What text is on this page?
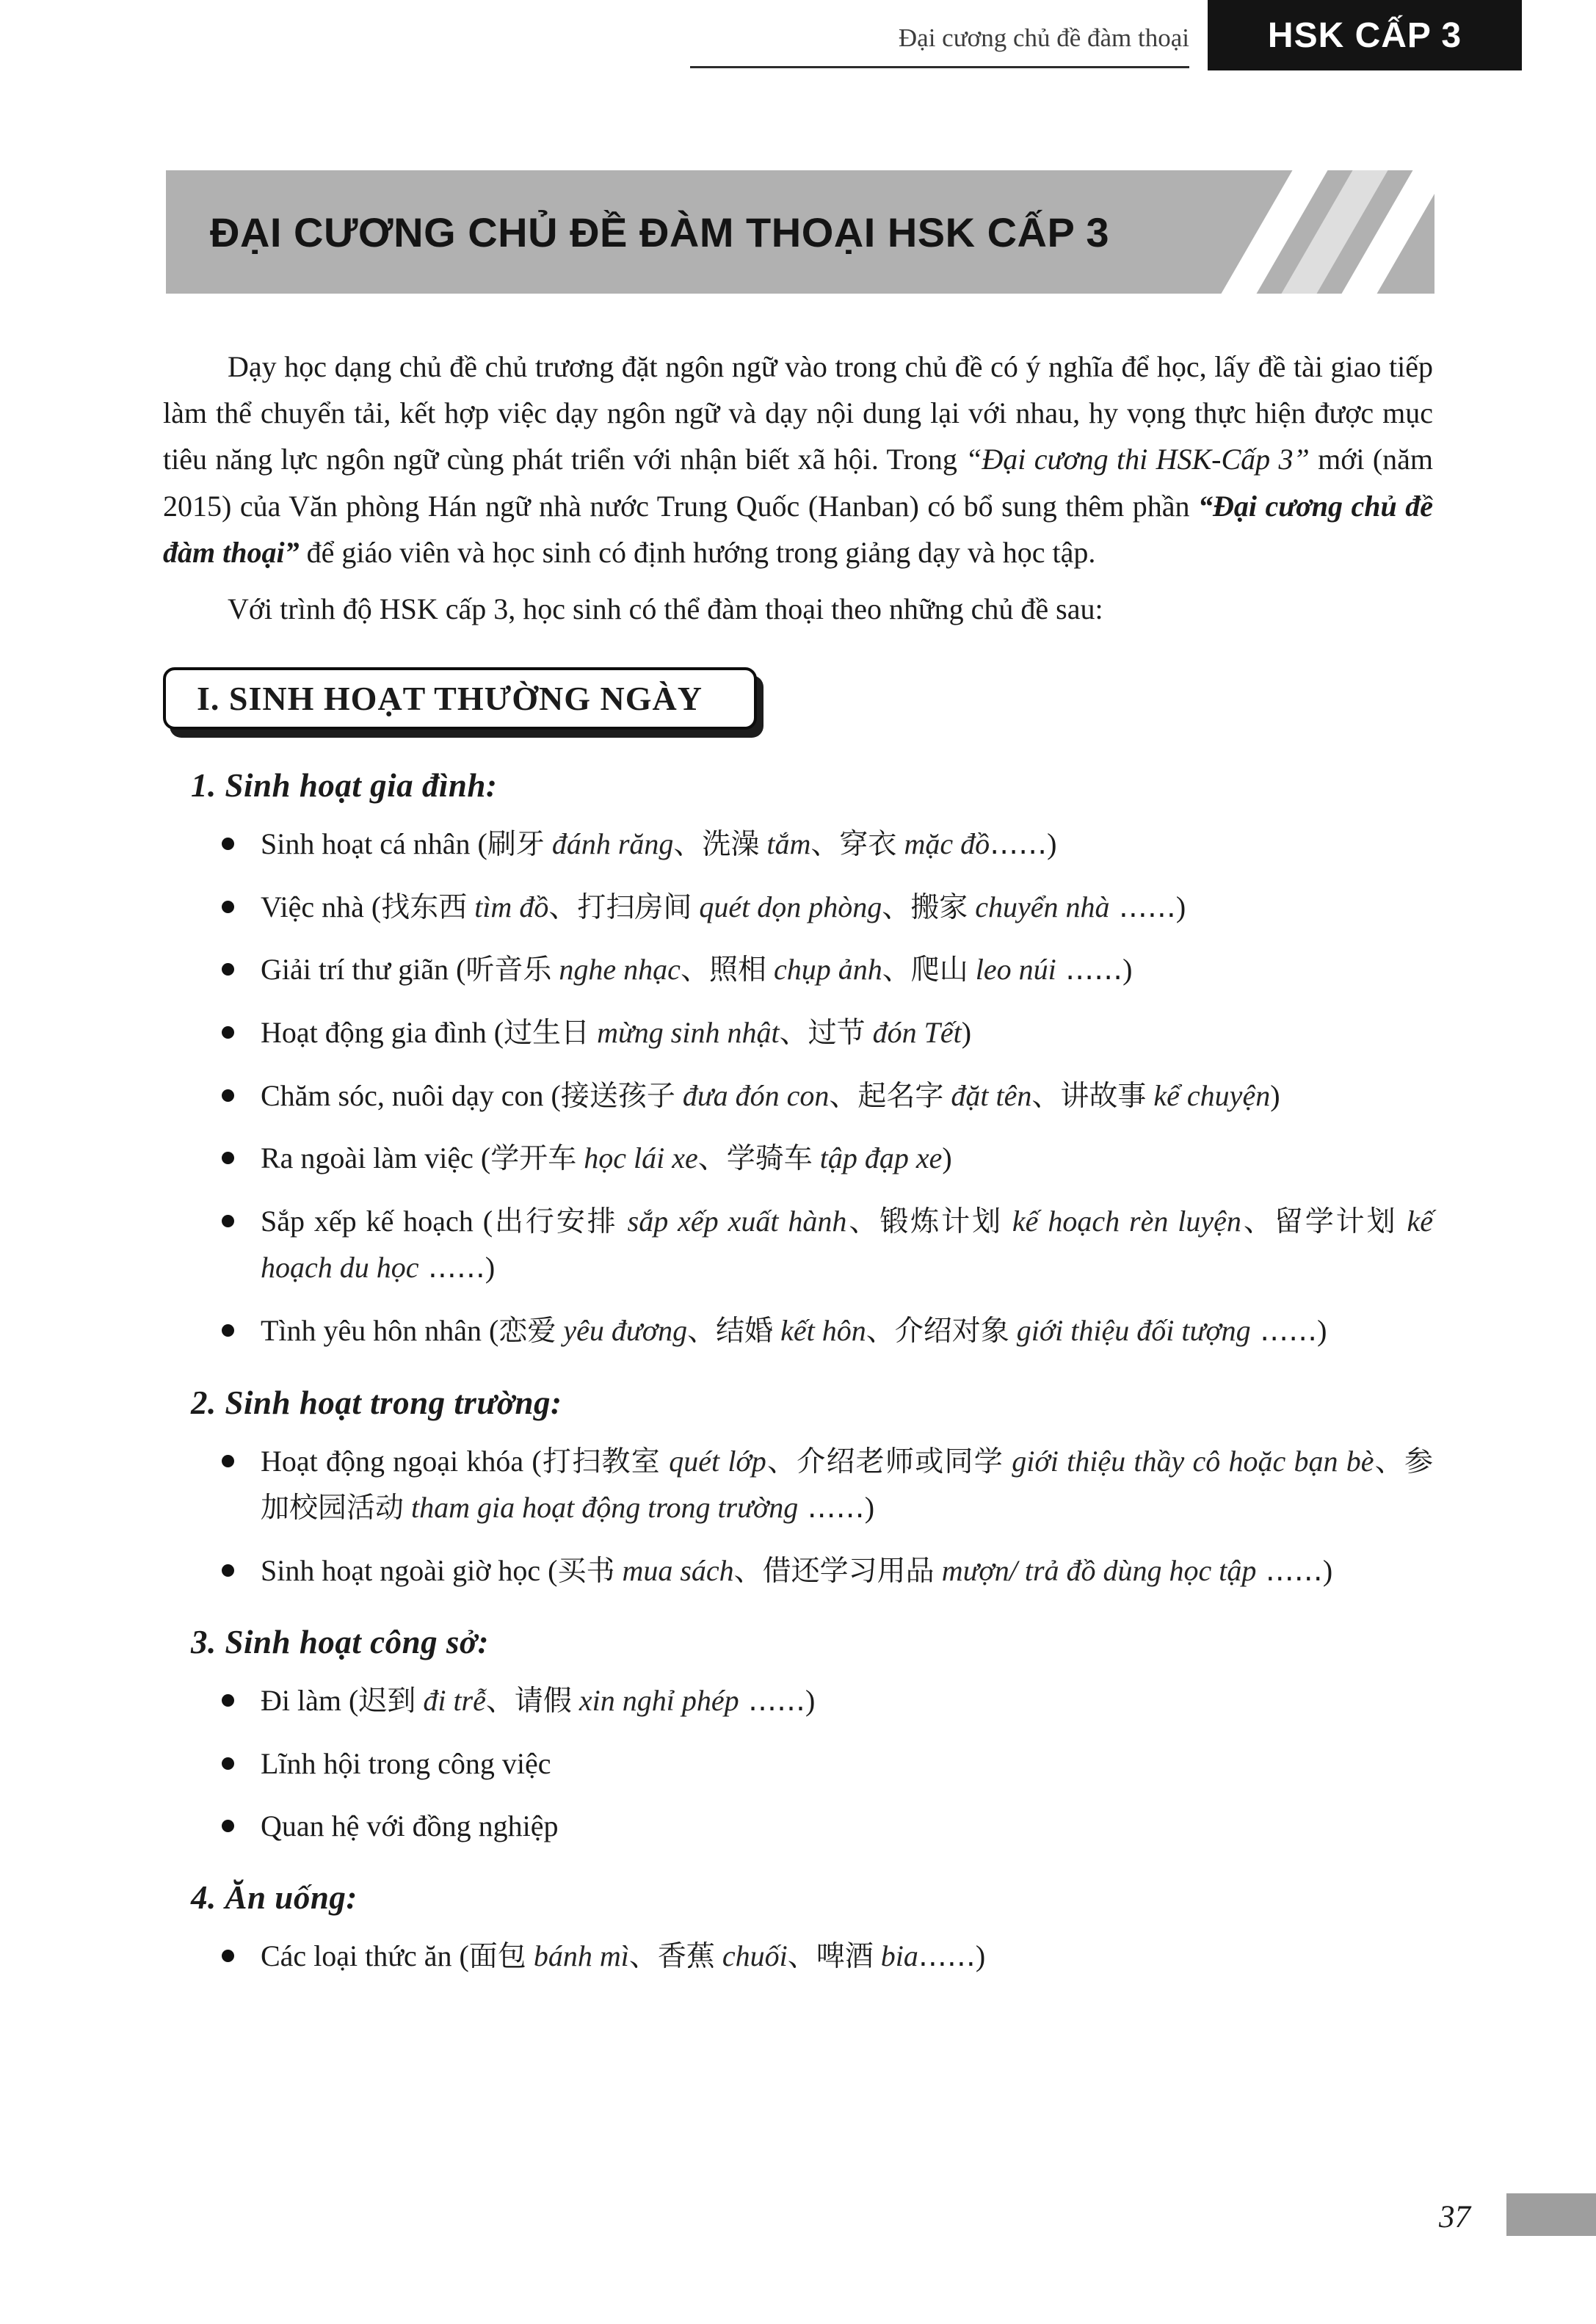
Đại cương chủ đề đàm thoại HSK CẤP 3
ĐẠI CƯƠNG CHỦ ĐỀ ĐÀM THOẠI HSK CẤP 3

Dạy học dạng chủ đề chủ trương đặt ngôn ngữ vào trong chủ đề có ý nghĩa để học, lấy đề tài giao tiếp làm thể chuyển tải, kết hợp việc dạy ngôn ngữ và dạy nội dung lại với nhau, hy vọng thực hiện được mục tiêu năng lực ngôn ngữ cùng phát triển với nhận biết xã hội. Trong “Đại cương thi HSK-Cấp 3” mới (năm 2015) của Văn phòng Hán ngữ nhà nước Trung Quốc (Hanban) có bổ sung thêm phần “Đại cương chủ đề đàm thoại” để giáo viên và học sinh có định hướng trong giảng dạy và học tập.

Với trình độ HSK cấp 3, học sinh có thể đàm thoại theo những chủ đề sau:

I. SINH HOẠT THƯỜNG NGÀY
1. Sinh hoạt gia đình:
Sinh hoạt cá nhân (刷牙 đánh răng、洗澡 tắm、穿衣 mặc đồ……)
Việc nhà (找东西 tìm đồ、打扫房间 quét dọn phòng、搬家 chuyển nhà ……)
Giải trí thư giãn (听音乐 nghe nhạc、照相 chụp ảnh、爬山 leo núi ……)
Hoạt động gia đình (过生日 mừng sinh nhật、过节 đón Tết)
Chăm sóc, nuôi dạy con (接送孩子 đưa đón con、起名字 đặt tên、讲故事 kể chuyện)
Ra ngoài làm việc (学开车 học lái xe、学骑车 tập đạp xe)
Sắp xếp kế hoạch (出行安排 sắp xếp xuất hành、锻炼计划 kế hoạch rèn luyện、留学计划 kế hoạch du học ……)
Tình yêu hôn nhân (恋爱 yêu đương、结婚 kết hôn、介绍对象 giới thiệu đối tượng ……)
2. Sinh hoạt trong trường:
Hoạt động ngoại khóa (打扫教室 quét lớp、介绍老师或同学 giới thiệu thầy cô hoặc bạn bè、参加校园活动 tham gia hoạt động trong trường ……)
Sinh hoạt ngoài giờ học (买书 mua sách、借还学习用品 mượn/ trả đồ dùng học tập ……)
3. Sinh hoạt công sở:
Đi làm (迟到 đi trễ、请假 xin nghỉ phép ……)
Lĩnh hội trong công việc
Quan hệ với đồng nghiệp
4. Ăn uống:
Các loại thức ăn (面包 bánh mì、香蕉 chuối、啤酒 bia……)
37
